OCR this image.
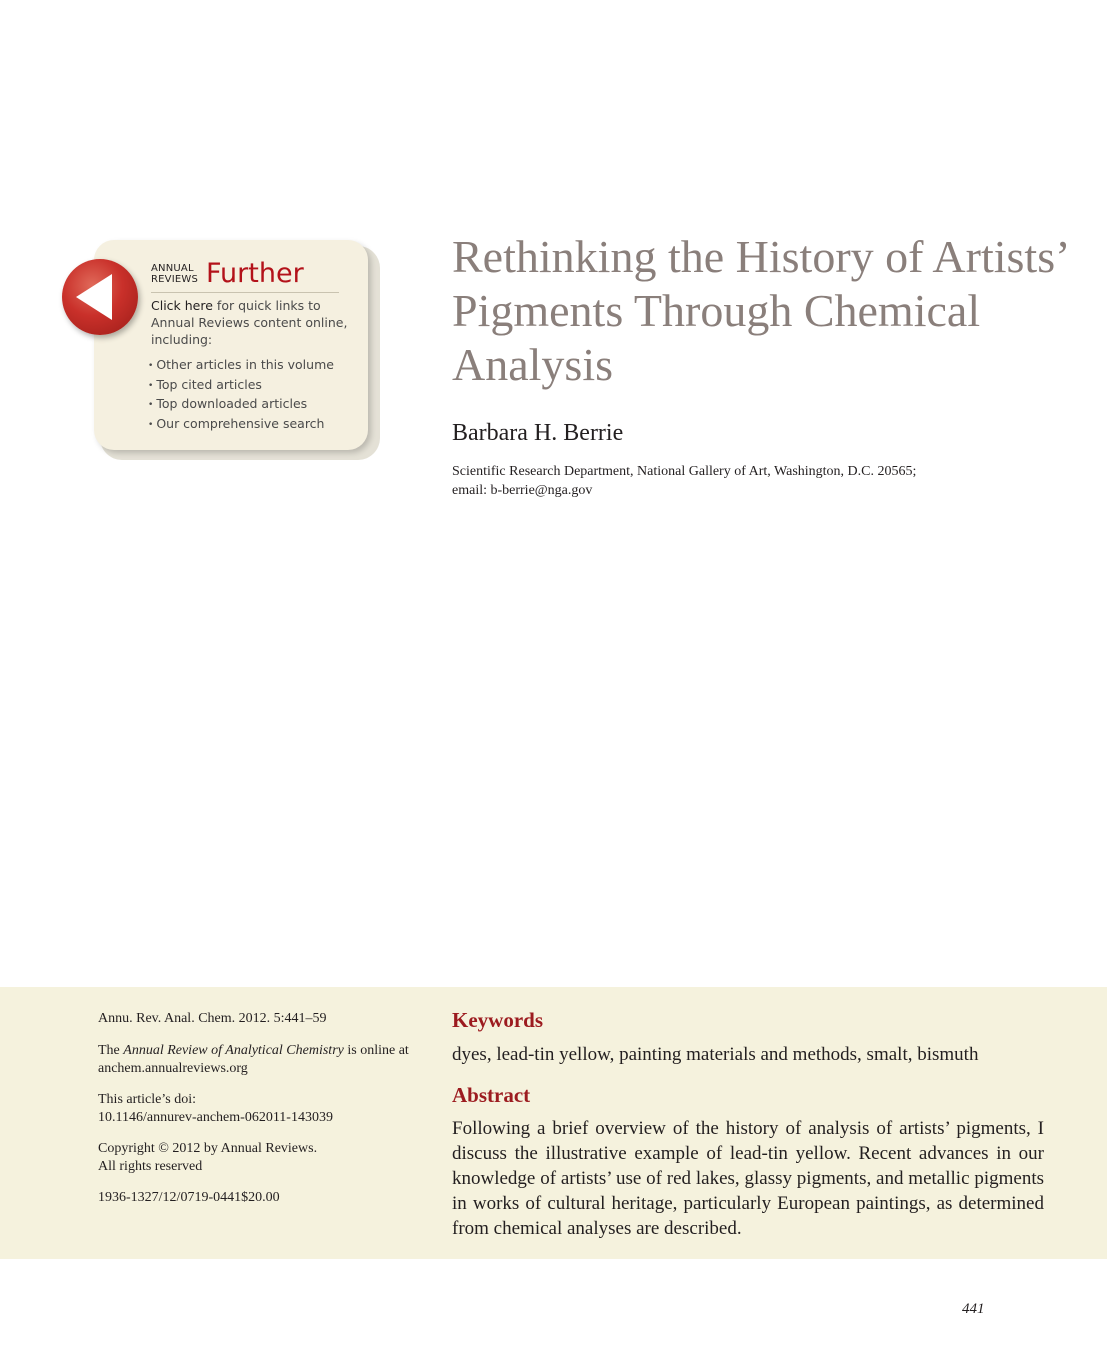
ANNUAL
REVIEWS Further
Click here for quick links to Annual Reviews content online, including:
• Other articles in this volume
• Top cited articles
• Top downloaded articles
• Our comprehensive search
Rethinking the History of Artists’ Pigments Through Chemical Analysis
Barbara H. Berrie
Scientific Research Department, National Gallery of Art, Washington, D.C. 20565;
email: b-berrie@nga.gov

Annu. Rev. Anal. Chem. 2012. 5:441–59

The Annual Review of Analytical Chemistry is online at anchem.annualreviews.org

This article’s doi:
10.1146/annurev-anchem-062011-143039

Copyright © 2012 by Annual Reviews.
All rights reserved

1936-1327/12/0719-0441$20.00

Keywords
dyes, lead-tin yellow, painting materials and methods, smalt, bismuth
Abstract
Following a brief overview of the history of analysis of artists’ pigments, I discuss the illustrative example of lead-tin yellow. Recent advances in our knowledge of artists’ use of red lakes, glassy pigments, and metallic pigments in works of cultural heritage, particularly European paintings, as determined from chemical analyses are described.
441
